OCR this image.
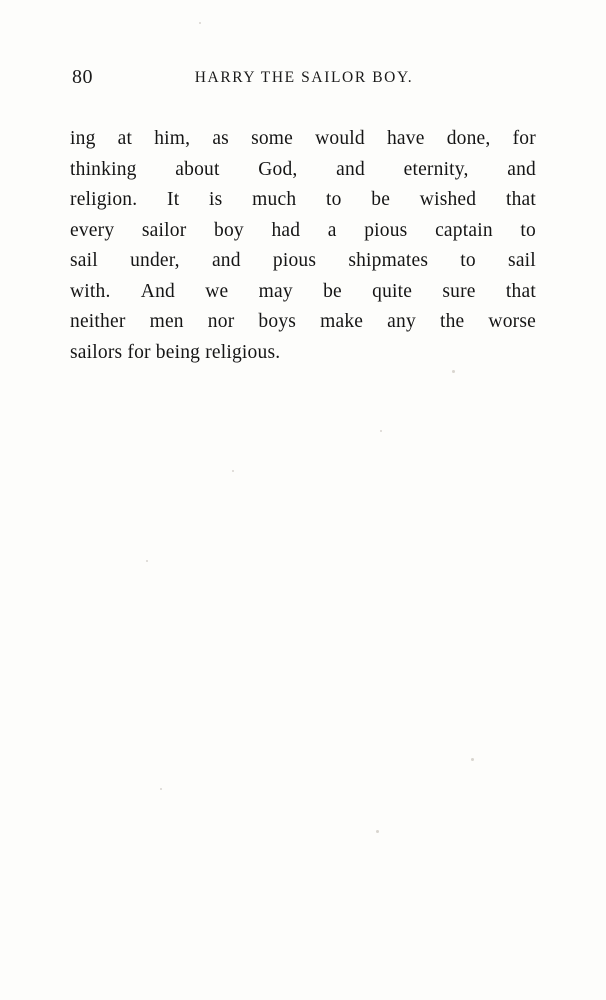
80	HARRY THE SAILOR BOY.
ing at him, as some would have done, for
thinking about God, and eternity, and
religion. It is much to be wished that
every sailor boy had a pious captain to
sail under, and pious shipmates to sail
with. And we may be quite sure that
neither men nor boys make any the worse
sailors for being religious.
